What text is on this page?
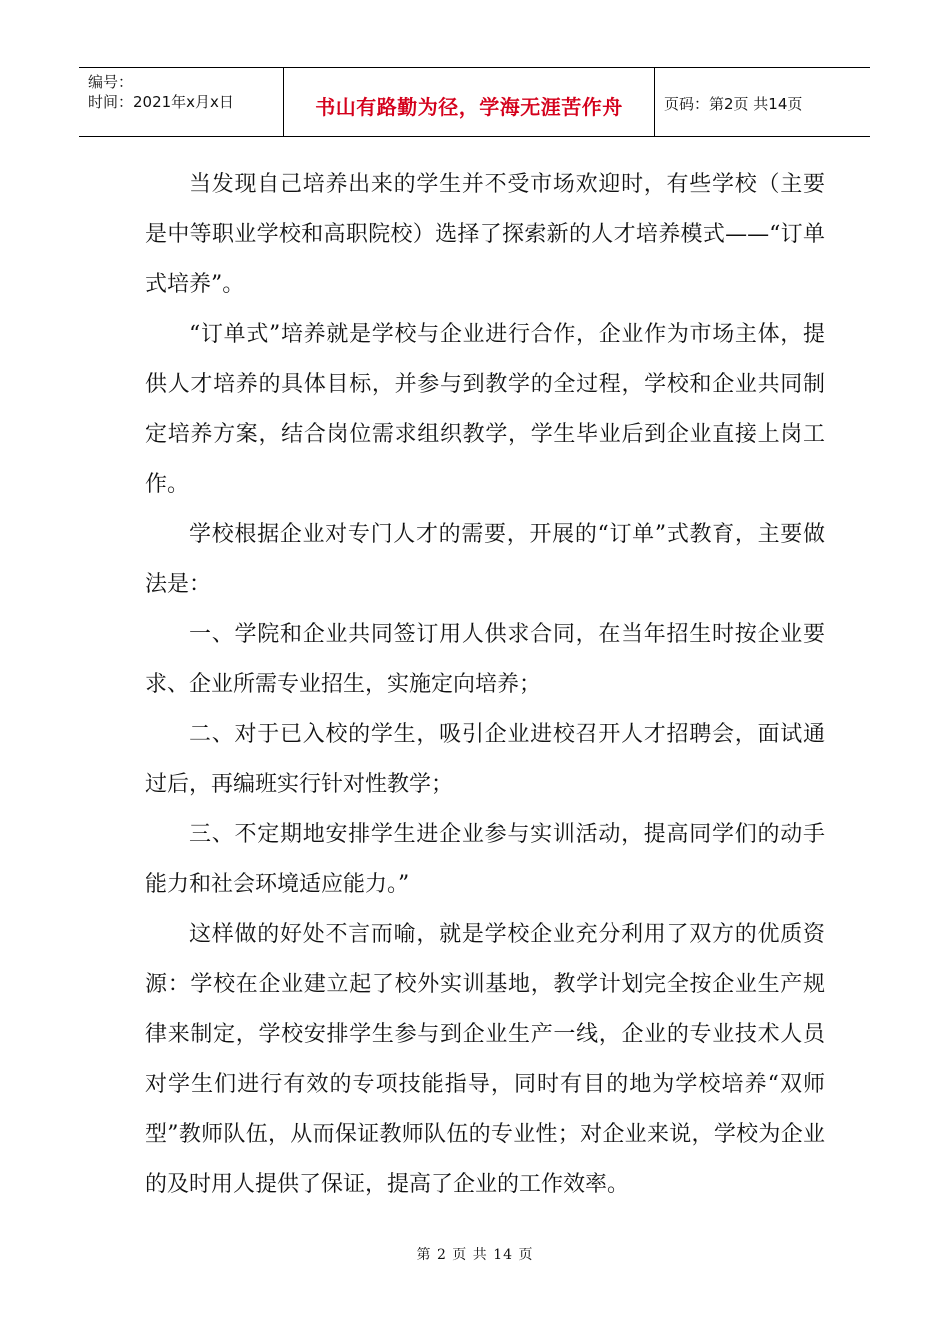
编号：
时间：2021年x月x日	书山有路勤为径，学海无涯苦作舟	页码：第2页 共14页

当发现自己培养出来的学生并不受市场欢迎时，有些学校（主要是中等职业学校和高职院校）选择了探索新的人才培养模式——“订单式培养”。

“订单式”培养就是学校与企业进行合作，企业作为市场主体，提供人才培养的具体目标，并参与到教学的全过程，学校和企业共同制定培养方案，结合岗位需求组织教学，学生毕业后到企业直接上岗工作。

学校根据企业对专门人才的需要，开展的“订单”式教育，主要做法是：

一、学院和企业共同签订用人供求合同，在当年招生时按企业要求、企业所需专业招生，实施定向培养；

二、对于已入校的学生，吸引企业进校召开人才招聘会，面试通过后，再编班实行针对性教学；

三、不定期地安排学生进企业参与实训活动，提高同学们的动手能力和社会环境适应能力。”

这样做的好处不言而喻，就是学校企业充分利用了双方的优质资源：学校在企业建立起了校外实训基地，教学计划完全按企业生产规律来制定，学校安排学生参与到企业生产一线，企业的专业技术人员对学生们进行有效的专项技能指导，同时有目的地为学校培养“双师型”教师队伍，从而保证教师队伍的专业性；对企业来说，学校为企业的及时用人提供了保证，提高了企业的工作效率。

第 2 页 共 14 页
